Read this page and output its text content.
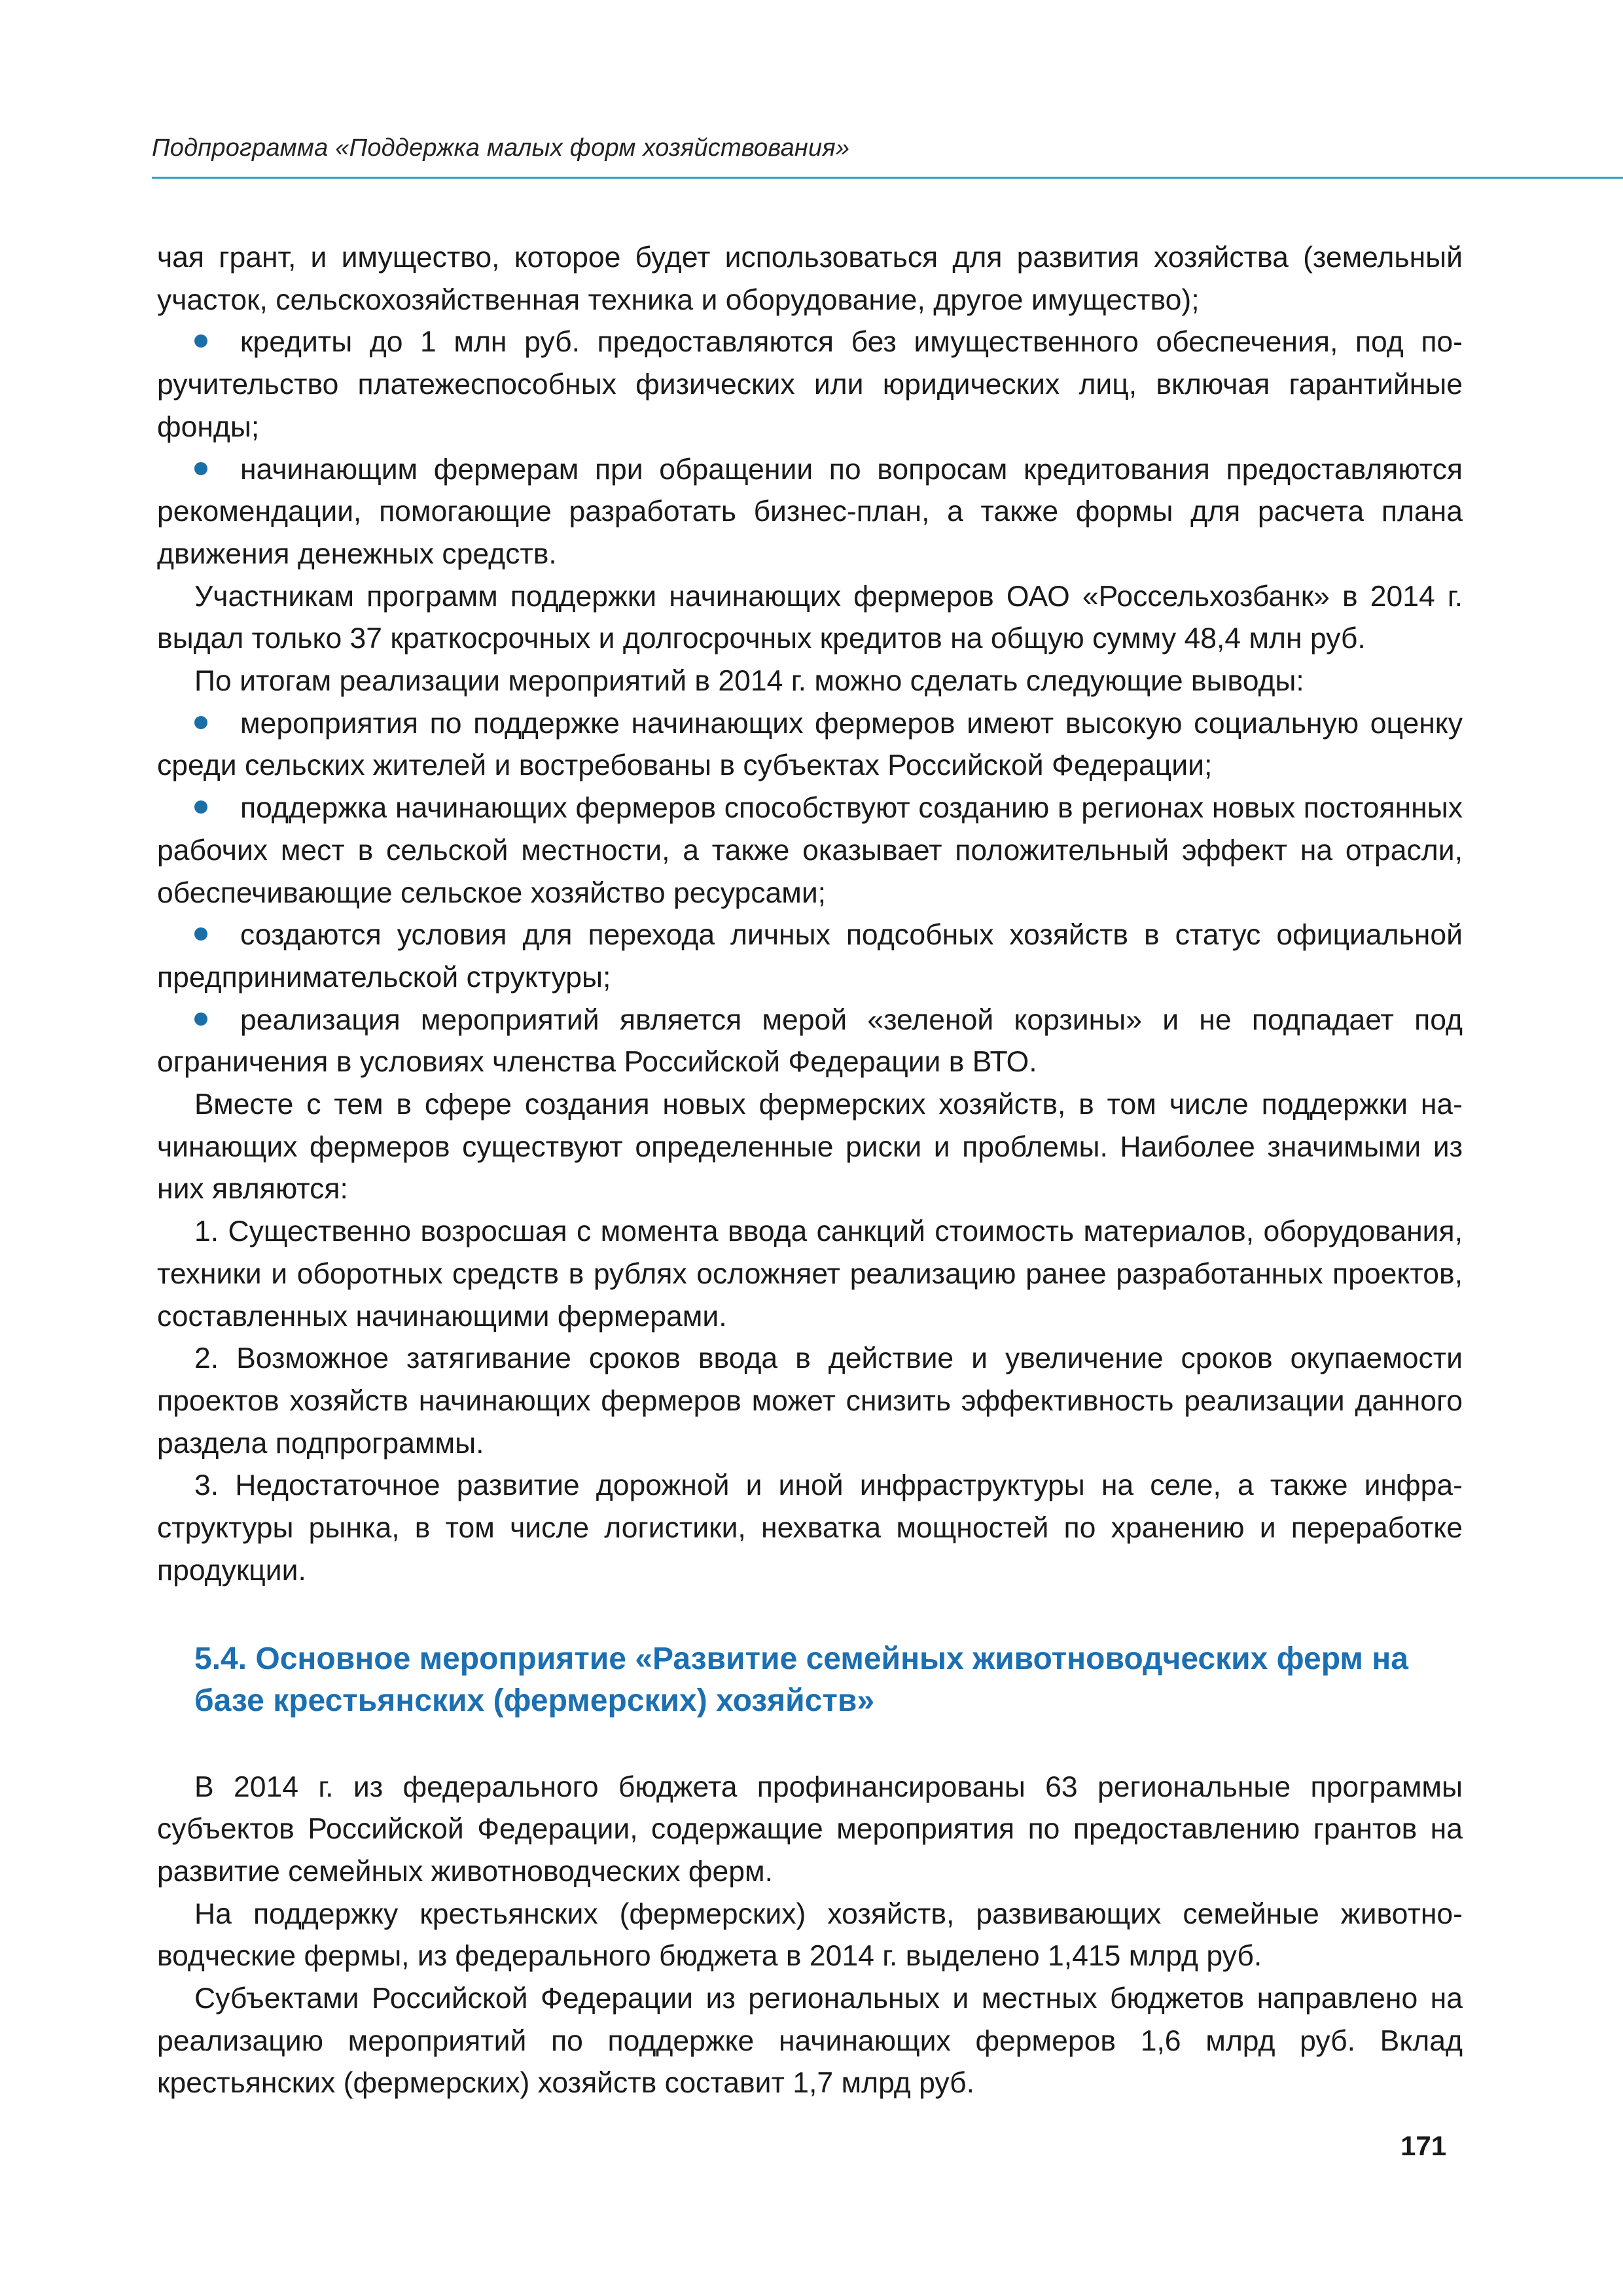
Подпрограмма «Поддержка малых форм хозяйствования»

чая грант, и имущество, которое будет использоваться для развития хозяйства (земельный участок, сельскохозяйственная техника и оборудование, другое имущество);

кредиты до 1 млн руб. предоставляются без имущественного обеспечения, под поручительство платежеспособных физических или юридических лиц, включая гарантийные фонды;

начинающим фермерам при обращении по вопросам кредитования предоставляются рекомендации, помогающие разработать бизнес-план, а также формы для расчета плана движения денежных средств.

Участникам программ поддержки начинающих фермеров ОАО «Россельхозбанк» в 2014 г. выдал только 37 краткосрочных и долгосрочных кредитов на общую сумму 48,4 млн руб.

По итогам реализации мероприятий в 2014 г. можно сделать следующие выводы:

мероприятия по поддержке начинающих фермеров имеют высокую социальную оценку среди сельских жителей и востребованы в субъектах Российской Федерации;

поддержка начинающих фермеров способствуют созданию в регионах новых постоянных рабочих мест в сельской местности, а также оказывает положительный эффект на отрасли, обеспечивающие сельское хозяйство ресурсами;

создаются условия для перехода личных подсобных хозяйств в статус официальной предпринимательской структуры;

реализация мероприятий является мерой «зеленой корзины» и не подпадает под ограничения в условиях членства Российской Федерации в ВТО.

Вместе с тем в сфере создания новых фермерских хозяйств, в том числе поддержки начинающих фермеров существуют определенные риски и проблемы. Наиболее значимыми из них являются:

1. Существенно возросшая с момента ввода санкций стоимость материалов, оборудования, техники и оборотных средств в рублях осложняет реализацию ранее разработанных проектов, составленных начинающими фермерами.

2. Возможное затягивание сроков ввода в действие и увеличение сроков окупаемости проектов хозяйств начинающих фермеров может снизить эффективность реализации данного раздела подпрограммы.

3. Недостаточное развитие дорожной и иной инфраструктуры на селе, а также инфраструктуры рынка, в том числе логистики, нехватка мощностей по хранению и переработке продукции.

5.4. Основное мероприятие «Развитие семейных животноводческих ферм на базе крестьянских (фермерских) хозяйств»

В 2014 г. из федерального бюджета профинансированы 63 региональные программы субъектов Российской Федерации, содержащие мероприятия по предоставлению грантов на развитие семейных животноводческих ферм.

На поддержку крестьянских (фермерских) хозяйств, развивающих семейные животноводческие фермы, из федерального бюджета в 2014 г. выделено 1,415 млрд руб.

Субъектами Российской Федерации из региональных и местных бюджетов направлено на реализацию мероприятий по поддержке начинающих фермеров 1,6 млрд руб. Вклад крестьянских (фермерских) хозяйств составит 1,7 млрд руб.

171
